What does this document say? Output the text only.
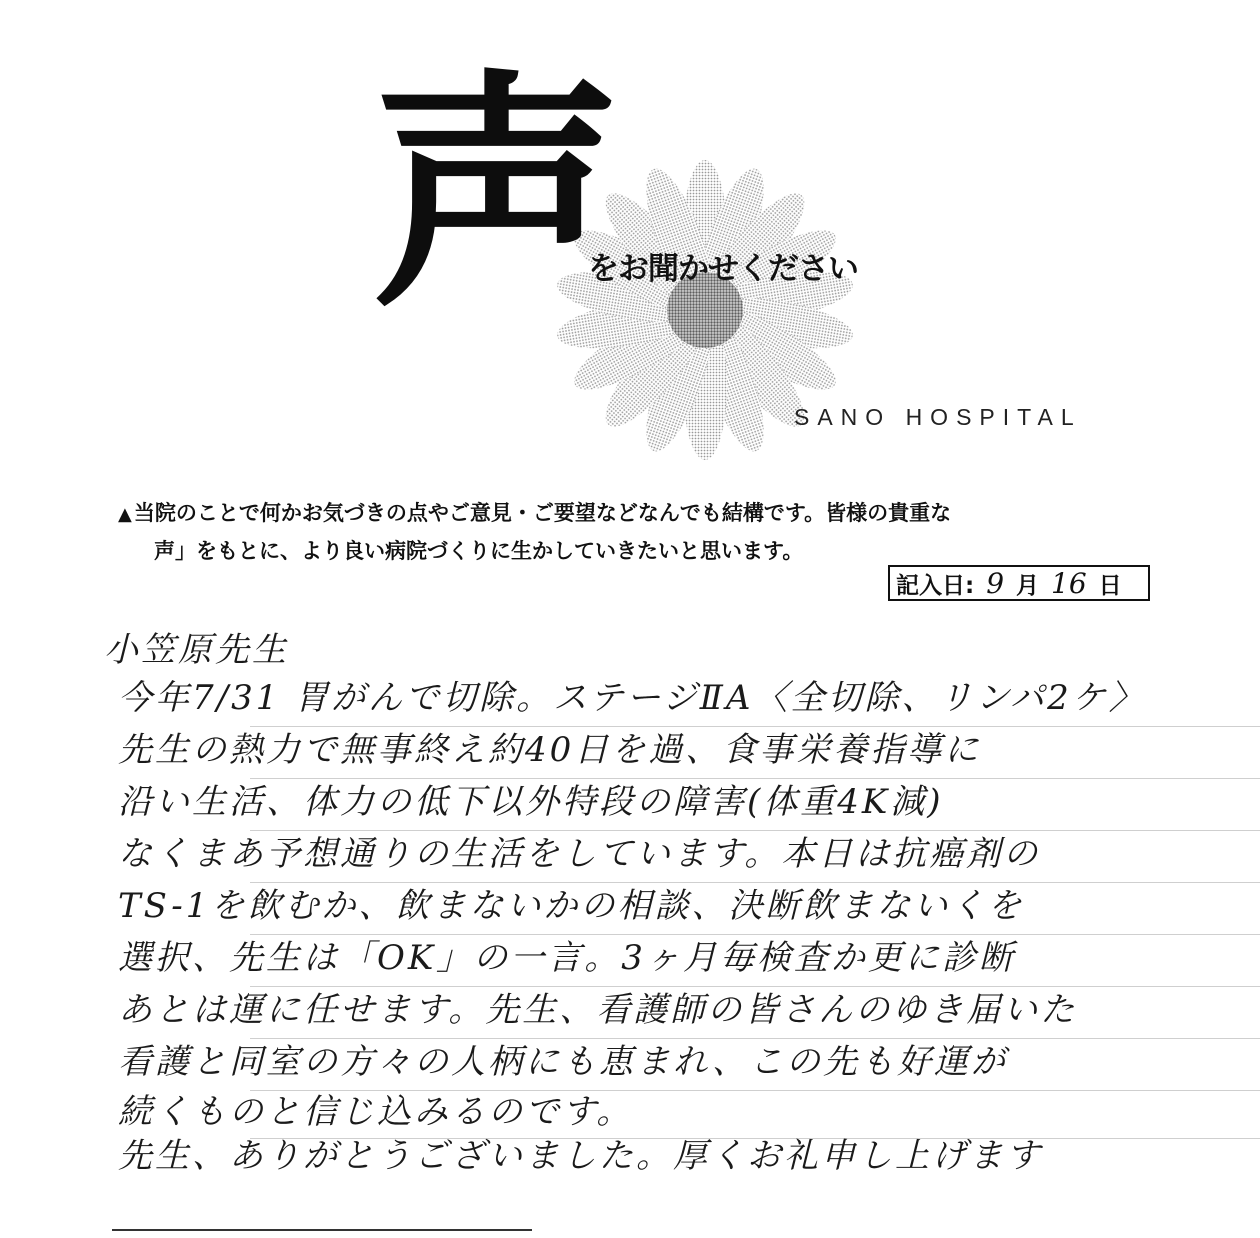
声
をお聞かせください
SANO HOSPITAL
▲当院のことで何かお気づきの点やご意見・ご要望などなんでも結構です。皆様の貴重な
声」をもとに、より良い病院づくりに生かしていきたいと思います。
記入日: 9 月 16 日
小笠原先生
今年7/31 胃がんで切除。ステージⅡA〈全切除、リンパ2ケ〉
先生の熱力で無事終え約40日を過、食事栄養指導に
沿い生活、体力の低下以外特段の障害(体重4K減)
なくまあ予想通りの生活をしています。本日は抗癌剤の
TS-1を飲むか、飲まないかの相談、決断飲まないくを
選択、先生は「OK」の一言。3ヶ月毎検査か更に診断
あとは運に任せます。先生、看護師の皆さんのゆき届いた
看護と同室の方々の人柄にも恵まれ、この先も好運が
続くものと信じ込みるのです。
先生、ありがとうございました。厚くお礼申し上げます
